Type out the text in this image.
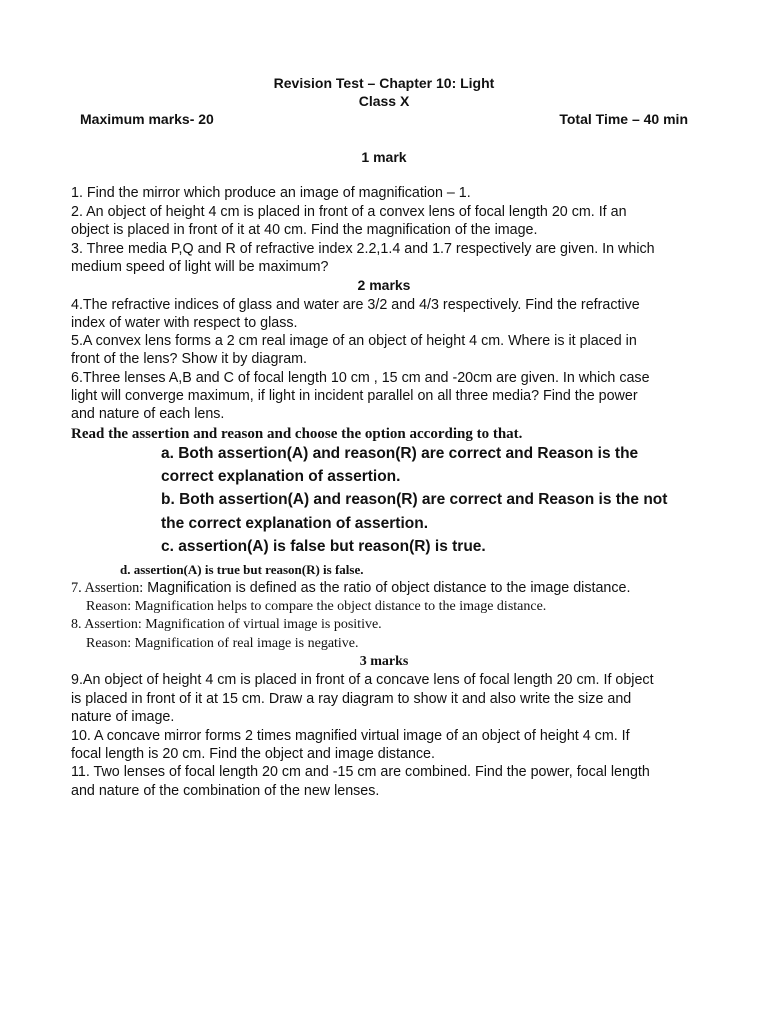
Revision Test – Chapter 10: Light
Class X
Maximum marks- 20	Total Time – 40 min
1 mark
1. Find the mirror which produce an image of magnification – 1.
2. An object of height 4 cm is placed in front of a convex lens of focal length 20 cm. If an
object is placed in front of it at 40 cm. Find the magnification of the image.
3. Three media P,Q and R of refractive index 2.2,1.4 and 1.7 respectively are given. In which
medium speed of light will be maximum?
2 marks
4.The refractive indices of glass and water are 3/2 and 4/3 respectively. Find the refractive
index of water with respect to glass.
5.A convex lens forms a 2 cm real image of an object of height 4 cm. Where is it placed in
front of the lens? Show it by diagram.
6.Three lenses A,B and C of focal length 10 cm , 15 cm and -20cm are given. In which case
light will converge maximum, if light in incident parallel on all three media? Find the power
and nature of each lens.
Read the assertion and reason and choose the option according to that.
a. Both assertion(A) and reason(R) are correct and Reason is the
correct explanation of assertion.
b. Both assertion(A) and reason(R) are correct and Reason is the not
the correct explanation of assertion.
c. assertion(A) is false but reason(R) is true.
d. assertion(A) is true but reason(R) is false.
7. Assertion: Magnification is defined as the ratio of object distance to the image distance.
Reason: Magnification helps to compare the object distance to the image distance.
8. Assertion: Magnification of virtual image is positive.
Reason: Magnification of real image is negative.
3 marks
9.An object of height 4 cm is placed in front of a concave lens of focal length 20 cm. If object
is placed in front of it at 15 cm. Draw a ray diagram to show it and also write the size and
nature of image.
10. A concave mirror forms 2 times magnified virtual image of an object of height 4 cm. If
focal length is 20 cm. Find the object and image distance.
11. Two lenses of focal length 20 cm and -15 cm are combined. Find the power, focal length
and nature of the combination of the new lenses.
